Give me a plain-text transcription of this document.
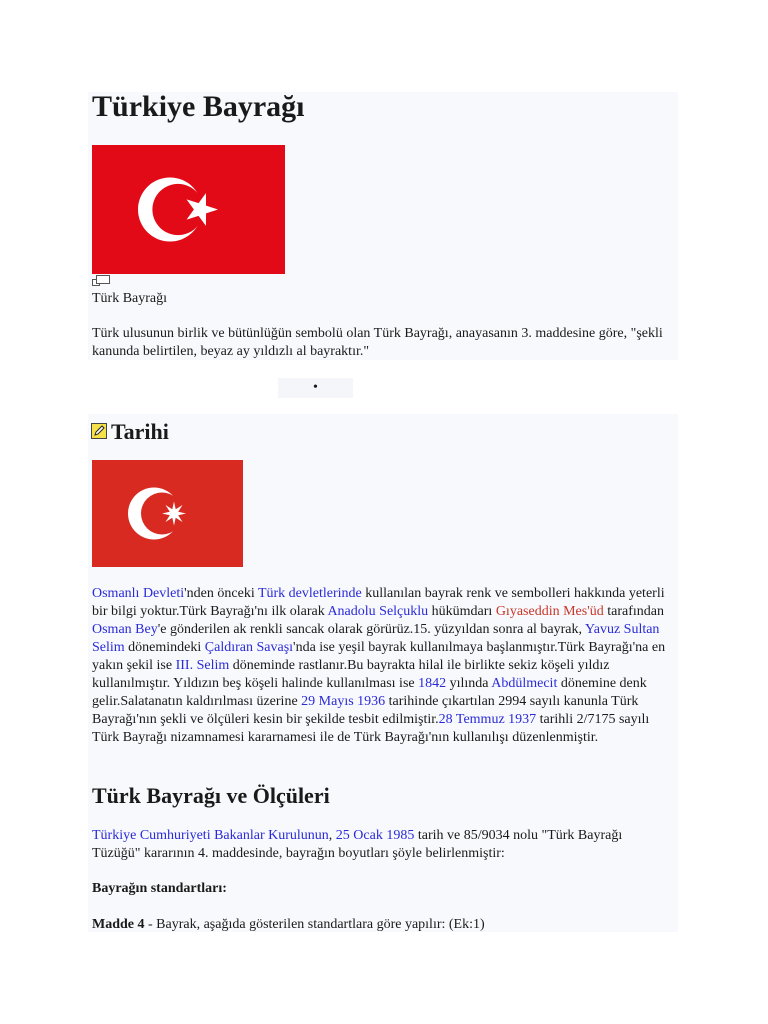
Türkiye Bayrağı

Türk Bayrağı

Türk ulusunun birlik ve bütünlüğün sembolü olan Türk Bayrağı, anayasanın 3. maddesine göre, "şekli kanunda belirtilen, beyaz ay yıldızlı al bayraktır."

•
Tarihi

Osmanlı Devleti'nden önceki Türk devletlerinde kullanılan bayrak renk ve sembolleri hakkında yeterli bir bilgi yoktur.Türk Bayrağı'nı ilk olarak Anadolu Selçuklu hükümdarı Gıyaseddin Mes'üd tarafından Osman Bey'e gönderilen ak renkli sancak olarak görürüz.15. yüzyıldan sonra al bayrak, Yavuz Sultan Selim dönemindeki Çaldıran Savaşı'nda ise yeşil bayrak kullanılmaya başlanmıştır.Türk Bayrağı'na en yakın şekil ise III. Selim döneminde rastlanır.Bu bayrakta hilal ile birlikte sekiz köşeli yıldız kullanılmıştır. Yıldızın beş köşeli halinde kullanılması ise 1842 yılında Abdülmecit dönemine denk gelir.Salatanatın kaldırılması üzerine 29 Mayıs 1936 tarihinde çıkartılan 2994 sayılı kanunla Türk Bayrağı'nın şekli ve ölçüleri kesin bir şekilde tesbit edilmiştir.28 Temmuz 1937 tarihli 2/7175 sayılı Türk Bayrağı nizamnamesi kararnamesi ile de Türk Bayrağı'nın kullanılışı düzenlenmiştir.

Türk Bayrağı ve Ölçüleri

Türkiye Cumhuriyeti Bakanlar Kurulunun, 25 Ocak 1985 tarih ve 85/9034 nolu "Türk Bayrağı Tüzüğü" kararının 4. maddesinde, bayrağın boyutları şöyle belirlenmiştir:

Bayrağın standartları:

Madde 4 - Bayrak, aşağıda gösterilen standartlara göre yapılır: (Ek:1)
